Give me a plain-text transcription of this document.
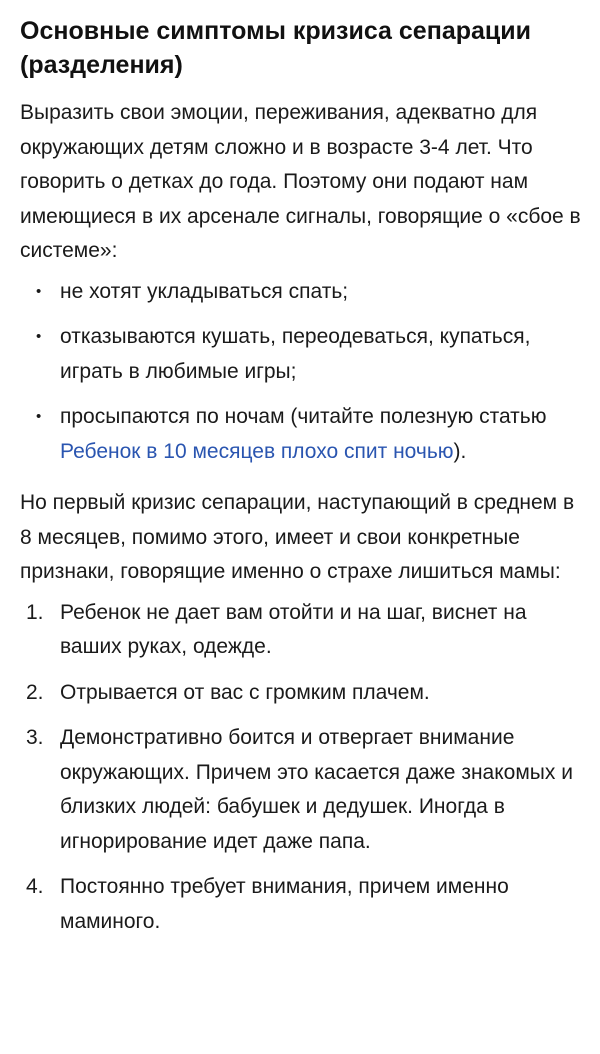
Основные симптомы кризиса сепарации (разделения)

Выразить свои эмоции, переживания, адекватно для окружающих детям сложно и в возрасте 3-4 лет. Что говорить о детках до года. Поэтому они подают нам имеющиеся в их арсенале сигналы, говорящие о «сбое в системе»:

• не хотят укладываться спать;
• отказываются кушать, переодеваться, купаться, играть в любимые игры;
• просыпаются по ночам (читайте полезную статью Ребенок в 10 месяцев плохо спит ночью).

Но первый кризис сепарации, наступающий в среднем в 8 месяцев, помимо этого, имеет и свои конкретные признаки, говорящие именно о страхе лишиться мамы:

1. Ребенок не дает вам отойти и на шаг, виснет на ваших руках, одежде.
2. Отрывается от вас с громким плачем.
3. Демонстративно боится и отвергает внимание окружающих. Причем это касается даже знакомых и близких людей: бабушек и дедушек. Иногда в игнорирование идет даже папа.
4. Постоянно требует внимания, причем именно маминого.
